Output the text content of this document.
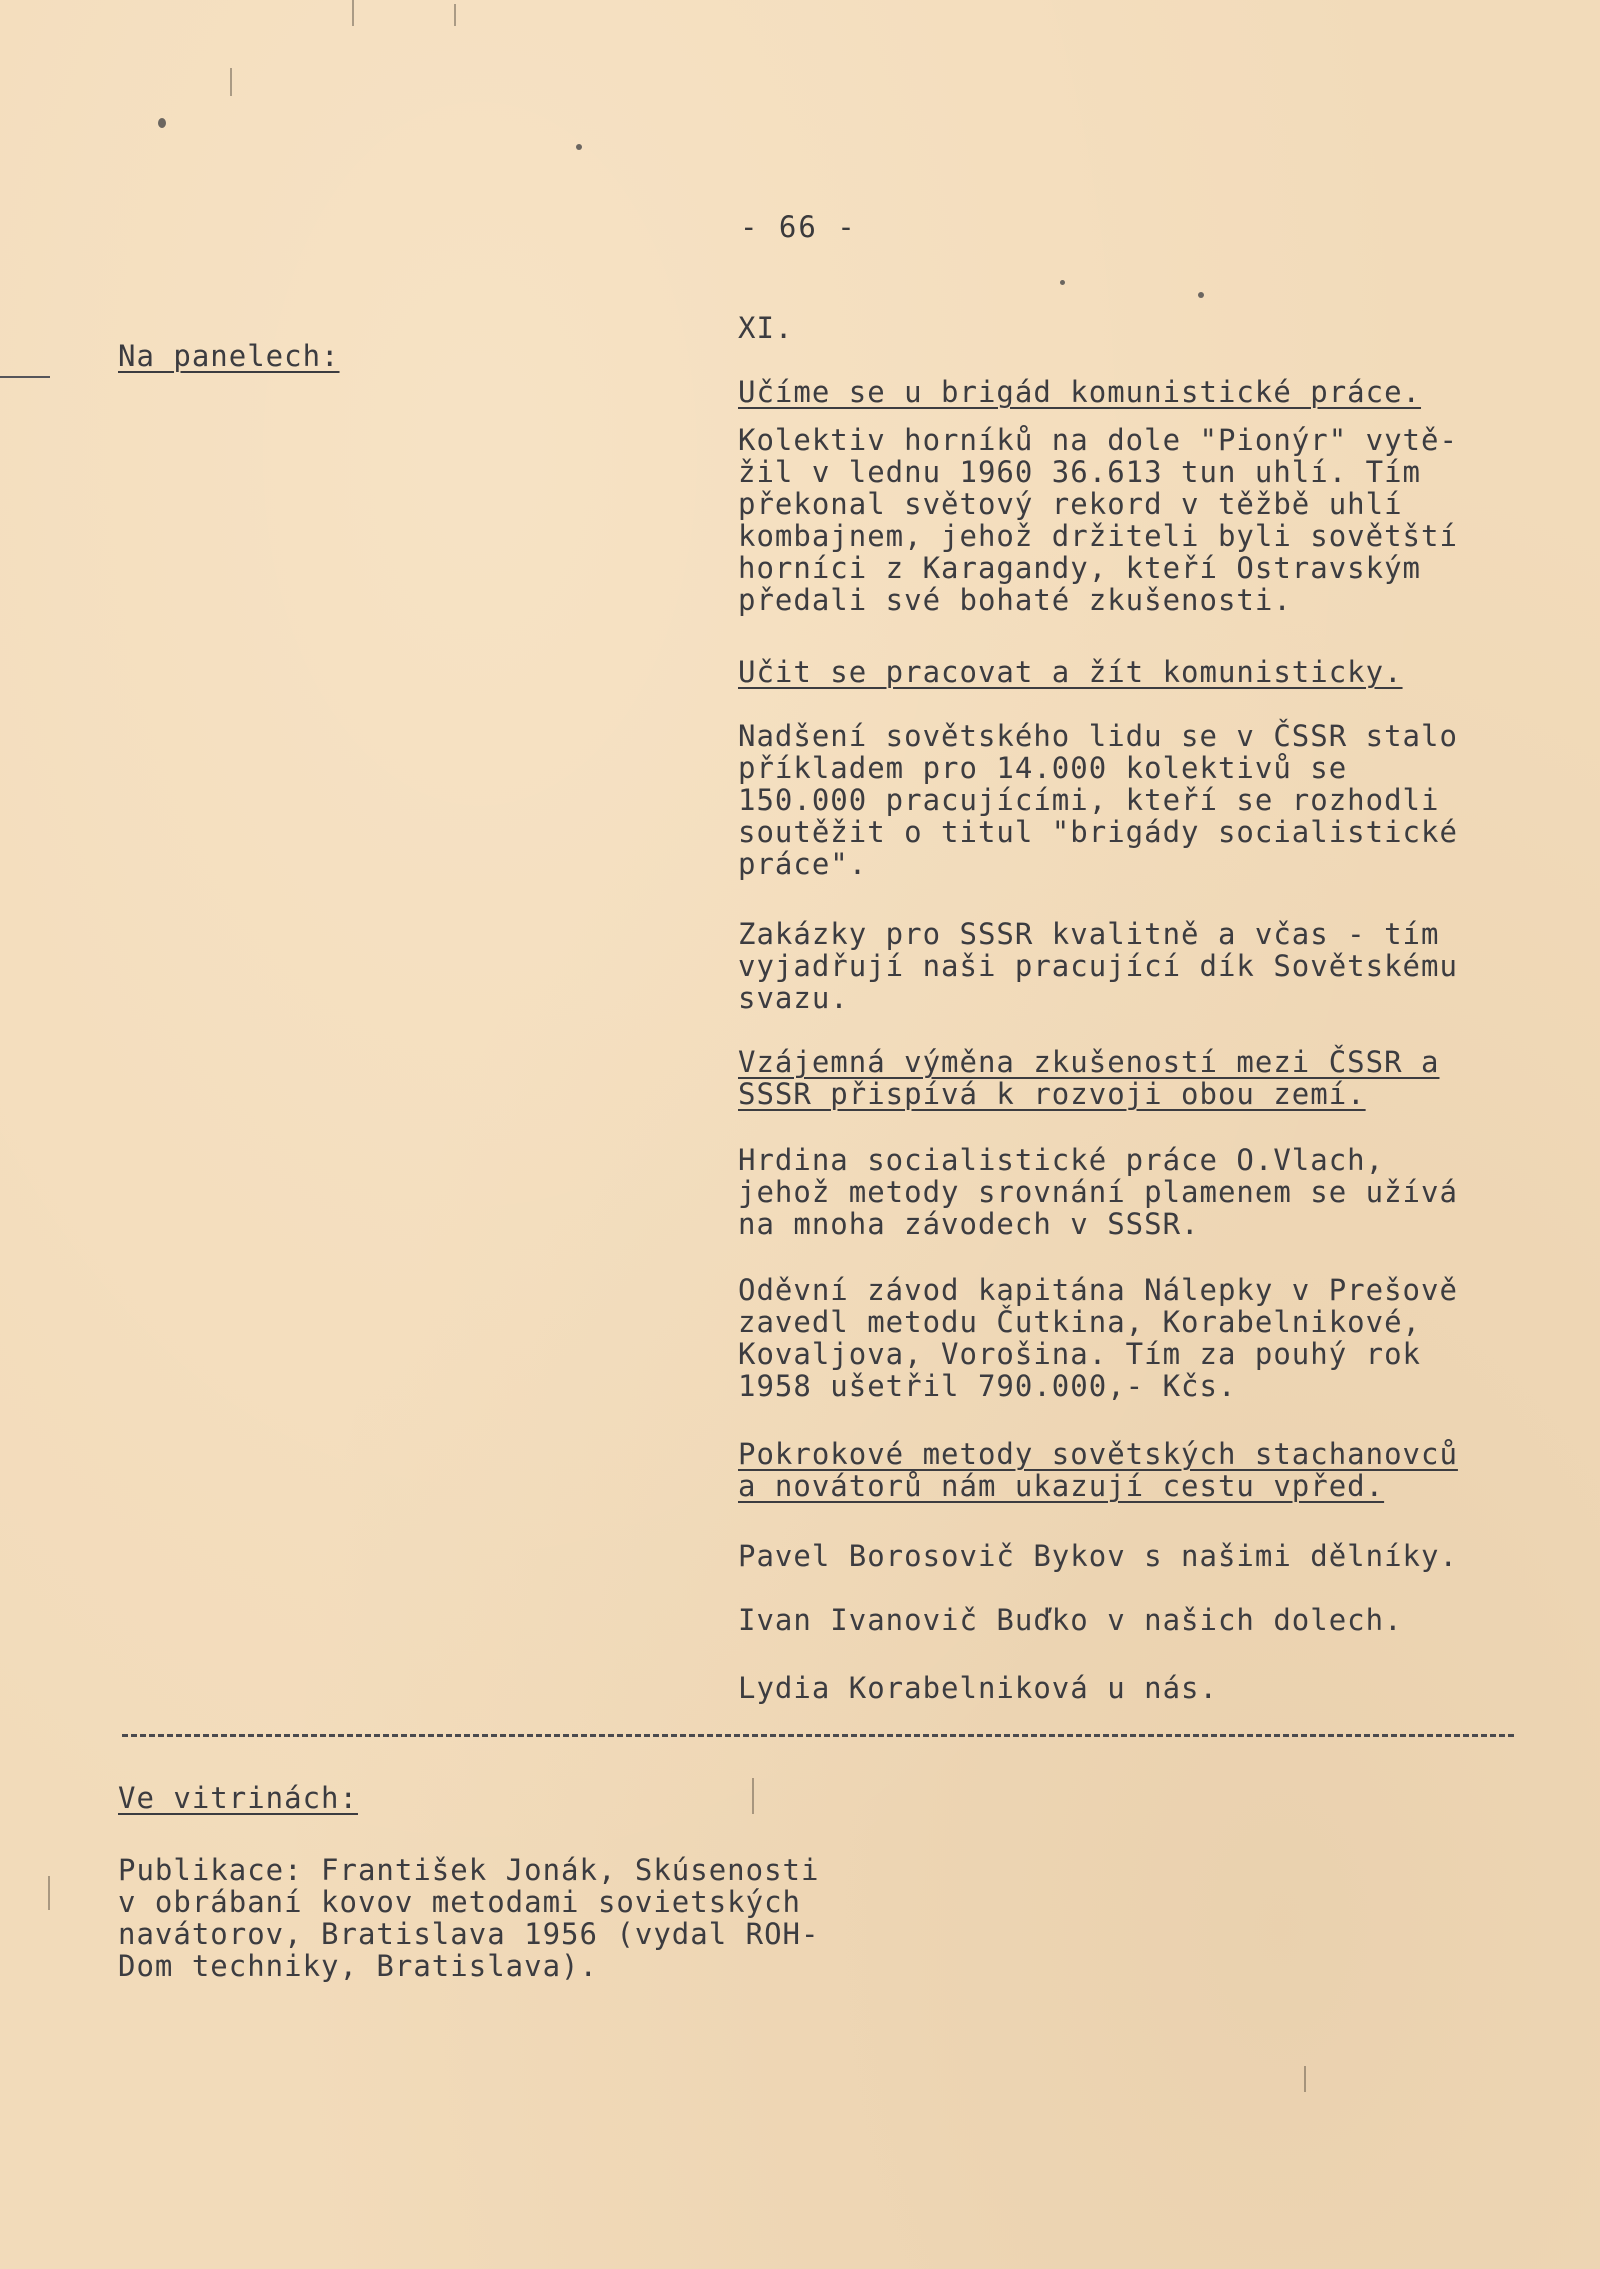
- 66 -
Na panelech:
XI.
Učíme se u brigád komunistické práce.
Kolektiv horníků na dole "Pionýr" vytě-
žil v lednu 1960 36.613 tun uhlí. Tím
překonal světový rekord v těžbě uhlí
kombajnem, jehož držiteli byli sovětští
horníci z Karagandy, kteří Ostravským
předali své bohaté zkušenosti.
Učit se pracovat a žít komunisticky.
Nadšení sovětského lidu se v ČSSR stalo
příkladem pro 14.000 kolektivů se
150.000 pracujícími, kteří se rozhodli
soutěžit o titul "brigády socialistické
práce".
Zakázky pro SSSR kvalitně a včas - tím
vyjadřují naši pracující dík Sovětskému
svazu.
Vzájemná výměna zkušeností mezi ČSSR a
SSSR přispívá k rozvoji obou zemí.
Hrdina socialistické práce O.Vlach,
jehož metody srovnání plamenem se užívá
na mnoha závodech v SSSR.
Oděvní závod kapitána Nálepky v Prešově
zavedl metodu Čutkina, Korabelnikové,
Kovaljova, Vorošina. Tím za pouhý rok
1958 ušetřil 790.000,- Kčs.
Pokrokové metody sovětských stachanovců
a novátorů nám ukazují cestu vpřed.
Pavel Borosovič Bykov s našimi dělníky.
Ivan Ivanovič Buďko v našich dolech.
Lydia Korabelniková u nás.
Ve vitrinách:
Publikace: František Jonák, Skúsenosti
v obrábaní kovov metodami sovietských
navátorov, Bratislava 1956 (vydal ROH-
Dom techniky, Bratislava).
